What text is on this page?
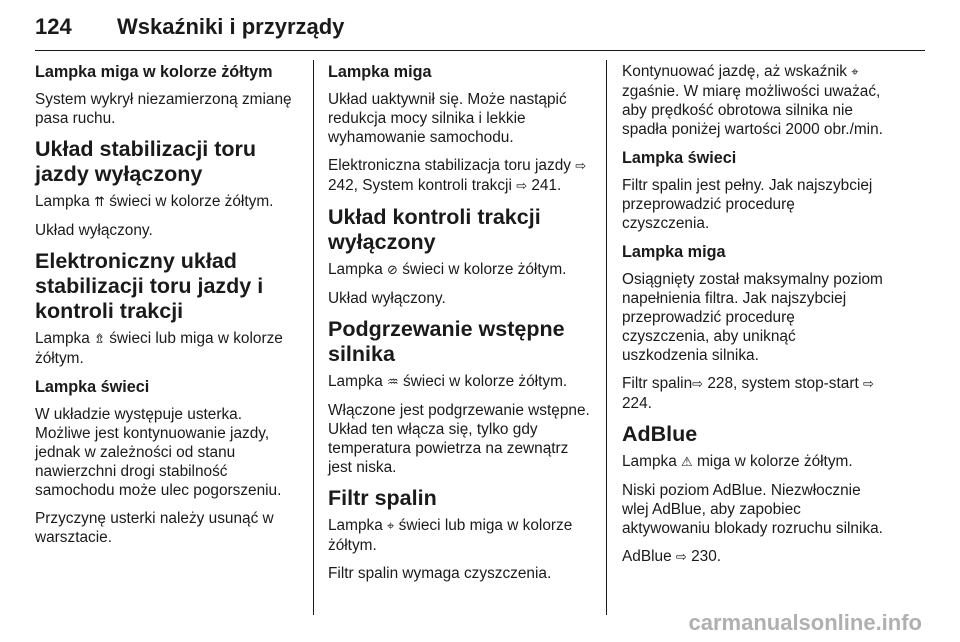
124 Wskaźniki i przyrządy
Lampka miga w kolorze żółtym

System wykrył niezamierzoną zmianę pasa ruchu.

Układ stabilizacji toru jazdy wyłączony

Lampka ⇈ świeci w kolorze żółtym.

Układ wyłączony.

Elektroniczny układ stabilizacji toru jazdy i kontroli trakcji

Lampka ⇯ świeci lub miga w kolorze żółtym.

Lampka świeci

W układzie występuje usterka. Możliwe jest kontynuowanie jazdy, jednak w zależności od stanu nawierzchni drogi stabilność samochodu może ulec pogorszeniu.

Przyczynę usterki należy usunąć w warsztacie.

Lampka miga

Układ uaktywnił się. Może nastąpić redukcja mocy silnika i lekkie wyhamowanie samochodu.

Elektroniczna stabilizacja toru jazdy ⇨ 242, System kontroli trakcji ⇨ 241.

Układ kontroli trakcji wyłączony

Lampka ⊘ świeci w kolorze żółtym.

Układ wyłączony.

Podgrzewanie wstępne silnika

Lampka ♒ świeci w kolorze żółtym.

Włączone jest podgrzewanie wstępne. Układ ten włącza się, tylko gdy temperatura powietrza na zewnątrz jest niska.

Filtr spalin

Lampka ⌖ świeci lub miga w kolorze żółtym.

Filtr spalin wymaga czyszczenia.

Kontynuować jazdę, aż wskaźnik ⌖ zgaśnie. W miarę możliwości uważać, aby prędkość obrotowa silnika nie spadła poniżej wartości 2000 obr./min.

Lampka świeci

Filtr spalin jest pełny. Jak najszybciej przeprowadzić procedurę czyszczenia.

Lampka miga

Osiągnięty został maksymalny poziom napełnienia filtra. Jak najszybciej przeprowadzić procedurę czyszczenia, aby uniknąć uszkodzenia silnika.

Filtr spalin⇨ 228, system stop-start ⇨ 224.

AdBlue

Lampka ⚠ miga w kolorze żółtym.

Niski poziom AdBlue. Niezwłocznie wlej AdBlue, aby zapobiec aktywowaniu blokady rozruchu silnika.

AdBlue ⇨ 230.

carmanualsonline.info
